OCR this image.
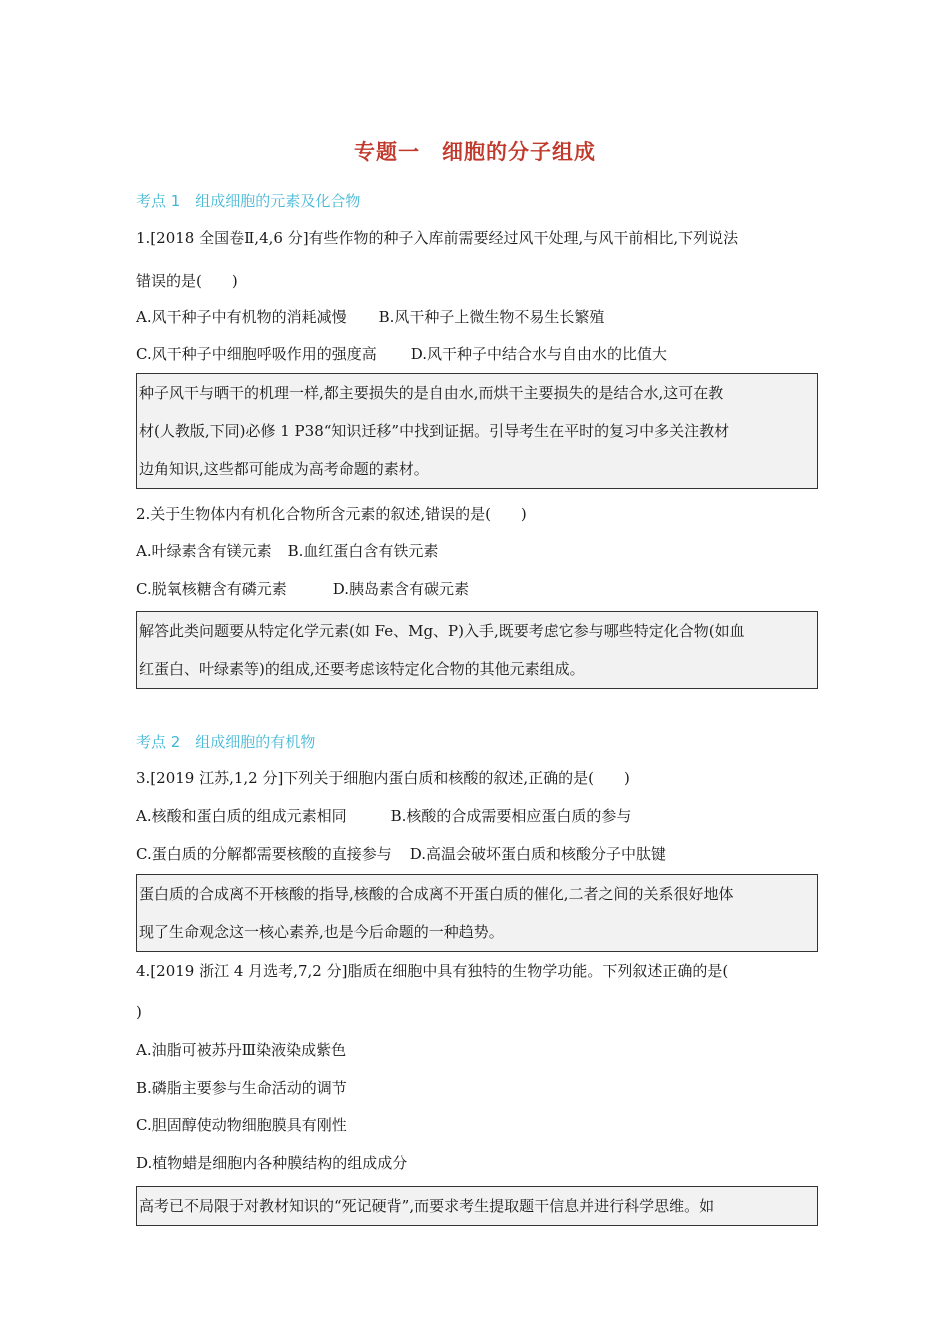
专题一　细胞的分子组成
考点 1　组成细胞的元素及化合物
1.[2018 全国卷Ⅱ,4,6 分]有些作物的种子入库前需要经过风干处理,与风干前相比,下列说法
错误的是(　　)
A.风干种子中有机物的消耗减慢 B.风干种子上微生物不易生长繁殖
C.风干种子中细胞呼吸作用的强度高 D.风干种子中结合水与自由水的比值大
种子风干与晒干的机理一样,都主要损失的是自由水,而烘干主要损失的是结合水,这可在教
材(人教版,下同)必修 1 P38“知识迁移”中找到证据。引导考生在平时的复习中多关注教材
边角知识,这些都可能成为高考命题的素材。
2.关于生物体内有机化合物所含元素的叙述,错误的是(　　)
A.叶绿素含有镁元素 B.血红蛋白含有铁元素
C.脱氧核糖含有磷元素	D.胰岛素含有碳元素
解答此类问题要从特定化学元素(如 Fe、Mg、P)入手,既要考虑它参与哪些特定化合物(如血
红蛋白、叶绿素等)的组成,还要考虑该特定化合物的其他元素组成。
考点 2　组成细胞的有机物
3.[2019 江苏,1,2 分]下列关于细胞内蛋白质和核酸的叙述,正确的是(　　)
A.核酸和蛋白质的组成元素相同	B.核酸的合成需要相应蛋白质的参与
C.蛋白质的分解都需要核酸的直接参与 D.高温会破坏蛋白质和核酸分子中肽键
蛋白质的合成离不开核酸的指导,核酸的合成离不开蛋白质的催化,二者之间的关系很好地体
现了生命观念这一核心素养,也是今后命题的一种趋势。
4.[2019 浙江 4 月选考,7,2 分]脂质在细胞中具有独特的生物学功能。下列叙述正确的是(
)
A.油脂可被苏丹Ⅲ染液染成紫色
B.磷脂主要参与生命活动的调节
C.胆固醇使动物细胞膜具有刚性
D.植物蜡是细胞内各种膜结构的组成成分
高考已不局限于对教材知识的“死记硬背”,而要求考生提取题干信息并进行科学思维。如
